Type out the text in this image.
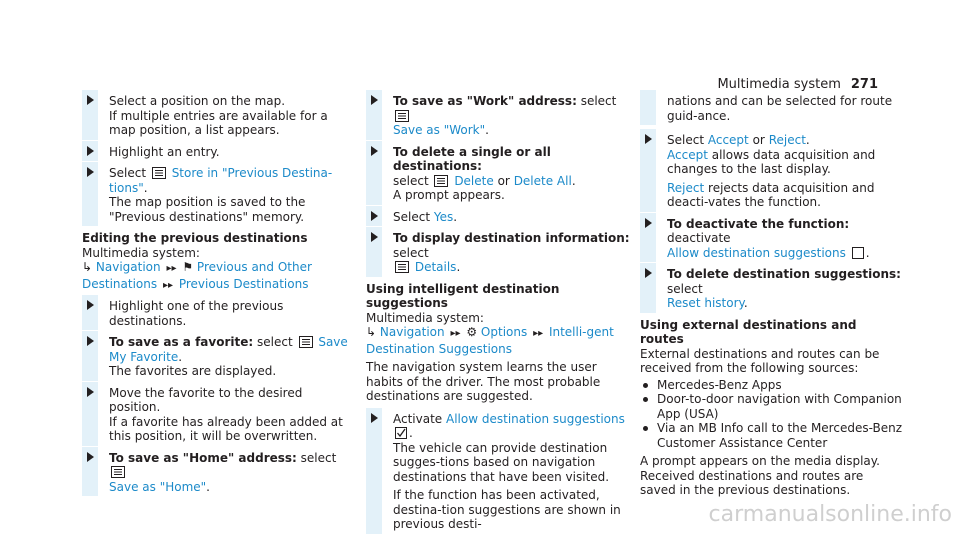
Multimedia system 271
Select a position on the map.
If multiple entries are available for a map position, a list appears.
Highlight an entry.
Select Store in "Previous Destina-tions".
The map position is saved to the "Previous destinations" memory.
Editing the previous destinations
Multimedia system:
↳ Navigation ▸▸ ⚑ Previous and Other Destinations ▸▸ Previous Destinations
Highlight one of the previous destinations.
To save as a favorite: select Save My Favorite.
The favorites are displayed.
Move the favorite to the desired position.
If a favorite has already been added at this position, it will be overwritten.
To save as "Home" address: select
Save as "Home".
To save as "Work" address: select
Save as "Work".
To delete a single or all destinations:
select Delete or Delete All.
A prompt appears.
Select Yes.
To display destination information: select
Details.
Using intelligent destination suggestions
Multimedia system:
↳ Navigation ▸▸ ⚙ Options ▸▸ Intelli-gent Destination Suggestions
The navigation system learns the user habits of the driver. The most probable destinations are suggested.
Activate Allow destination suggestions .
The vehicle can provide destination sugges-tions based on navigation destinations that have been visited.
If the function has been activated, destina-tion suggestions are shown in previous desti-
nations and can be selected for route guid-ance.
Select Accept or Reject.
Accept allows data acquisition and changes to the last display.
Reject rejects data acquisition and deacti-vates the function.
To deactivate the function: deactivate
Allow destination suggestions .
To delete destination suggestions: select
Reset history.
Using external destinations and routes
External destinations and routes can be received from the following sources:
Mercedes-Benz Apps
Door-to-door navigation with Companion App (USA)
Via an MB Info call to the Mercedes-Benz Customer Assistance Center
A prompt appears on the media display.
Received destinations and routes are saved in the previous destinations.
carmanualsonline.info
